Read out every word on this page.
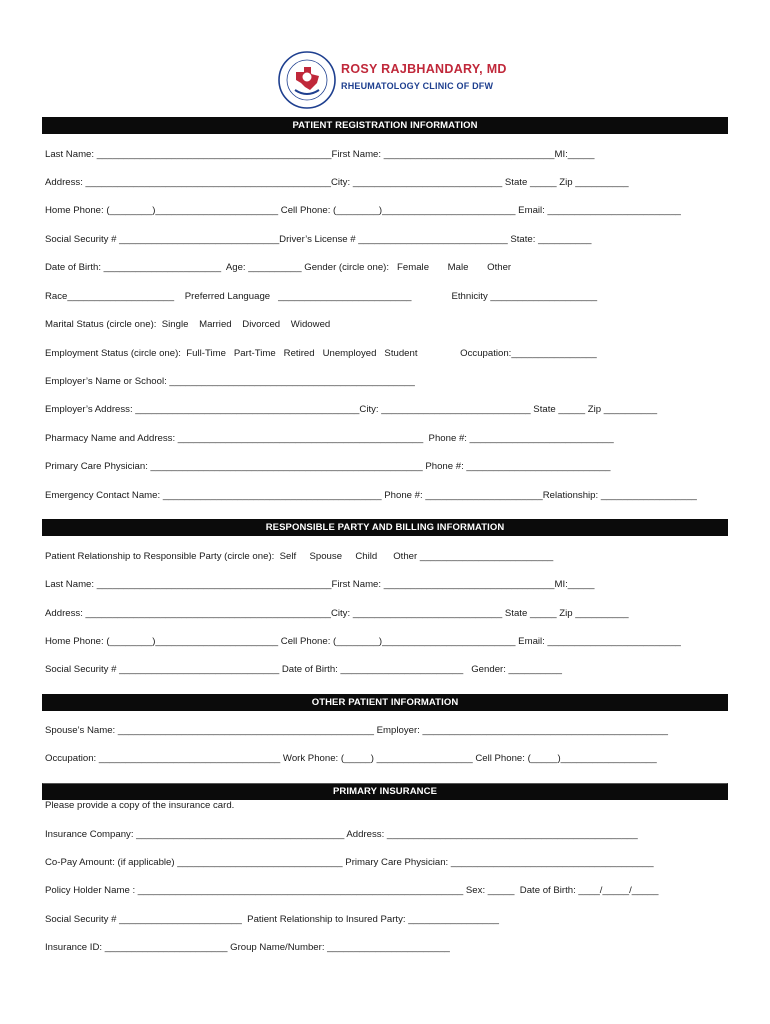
ROSY RAJBHANDARY, MD
RHEUMATOLOGY CLINIC OF DFW
PATIENT REGISTRATION INFORMATION
Last Name: ____________________________________________First Name: ________________________________MI:_____
Address: ______________________________________________City: ____________________________ State _____ Zip __________
Home Phone: (________)_______________________ Cell Phone: (________)_________________________ Email: _________________________
Social Security # ______________________________Driver’s License # ____________________________ State: __________
Date of Birth: ______________________  Age: __________ Gender (circle one):   Female       Male       Other
Race____________________    Preferred Language   _________________________               Ethnicity ____________________
Marital Status (circle one):  Single    Married    Divorced    Widowed
Employment Status (circle one):  Full-Time   Part-Time   Retired   Unemployed   Student                Occupation:________________
Employer’s Name or School: ______________________________________________
Employer’s Address: __________________________________________City: ____________________________ State _____ Zip __________
Pharmacy Name and Address: ______________________________________________  Phone #: ___________________________
Primary Care Physician: ___________________________________________________ Phone #: ___________________________
Emergency Contact Name: _________________________________________ Phone #: ______________________Relationship: __________________
RESPONSIBLE PARTY AND BILLING INFORMATION
Patient Relationship to Responsible Party (circle one):  Self     Spouse     Child      Other _________________________
Last Name: ____________________________________________First Name: ________________________________MI:_____
Address: ______________________________________________City: ____________________________ State _____ Zip __________
Home Phone: (________)_______________________ Cell Phone: (________)_________________________ Email: _________________________
Social Security # ______________________________ Date of Birth: _______________________   Gender: __________
OTHER PATIENT INFORMATION
Spouse’s Name: ________________________________________________ Employer: ______________________________________________
Occupation: __________________________________ Work Phone: (_____) __________________ Cell Phone: (_____)__________________
PRIMARY INSURANCE
Please provide a copy of the insurance card.
Insurance Company: _______________________________________ Address: _______________________________________________
Co-Pay Amount: (if applicable) _______________________________ Primary Care Physician: ______________________________________
Policy Holder Name : _____________________________________________________________ Sex: _____  Date of Birth: ____/_____/_____
Social Security # _______________________  Patient Relationship to Insured Party: _________________
Insurance ID: _______________________ Group Name/Number: _______________________
